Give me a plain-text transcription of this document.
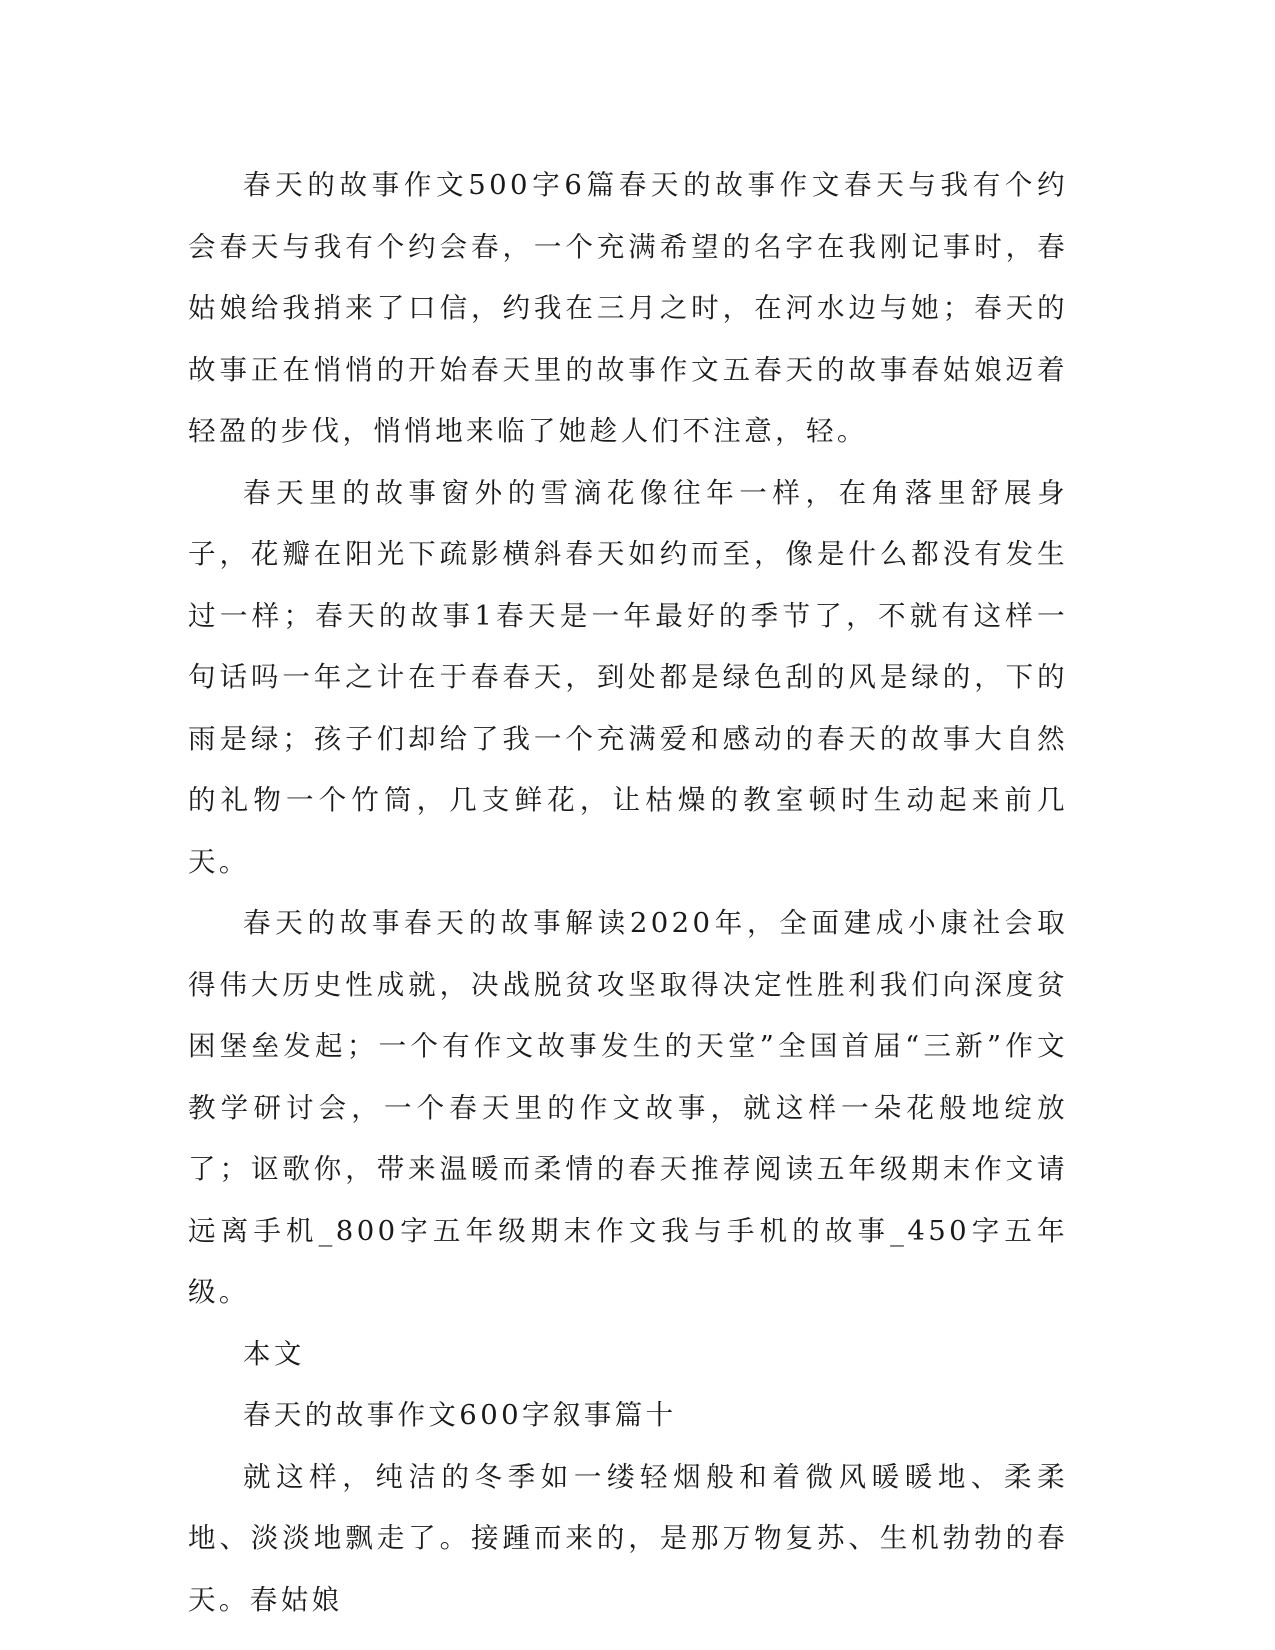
春天的故事作文500字6篇春天的故事作文春天与我有个约会春天与我有个约会春，一个充满希望的名字在我刚记事时，春姑娘给我捎来了口信，约我在三月之时，在河水边与她；春天的故事正在悄悄的开始春天里的故事作文五春天的故事春姑娘迈着轻盈的步伐，悄悄地来临了她趁人们不注意，轻。

春天里的故事窗外的雪滴花像往年一样，在角落里舒展身子，花瓣在阳光下疏影横斜春天如约而至，像是什么都没有发生过一样；春天的故事1春天是一年最好的季节了，不就有这样一句话吗一年之计在于春春天，到处都是绿色刮的风是绿的，下的雨是绿；孩子们却给了我一个充满爱和感动的春天的故事大自然的礼物一个竹筒，几支鲜花，让枯燥的教室顿时生动起来前几天。

春天的故事春天的故事解读2020年，全面建成小康社会取得伟大历史性成就，决战脱贫攻坚取得决定性胜利我们向深度贫困堡垒发起；一个有作文故事发生的天堂”全国首届“三新”作文教学研讨会，一个春天里的作文故事，就这样一朵花般地绽放了；讴歌你，带来温暖而柔情的春天推荐阅读五年级期末作文请远离手机_800字五年级期末作文我与手机的故事_450字五年级。

本文

春天的故事作文600字叙事篇十

就这样，纯洁的冬季如一缕轻烟般和着微风暖暖地、柔柔地、淡淡地飘走了。接踵而来的，是那万物复苏、生机勃勃的春天。春姑娘
